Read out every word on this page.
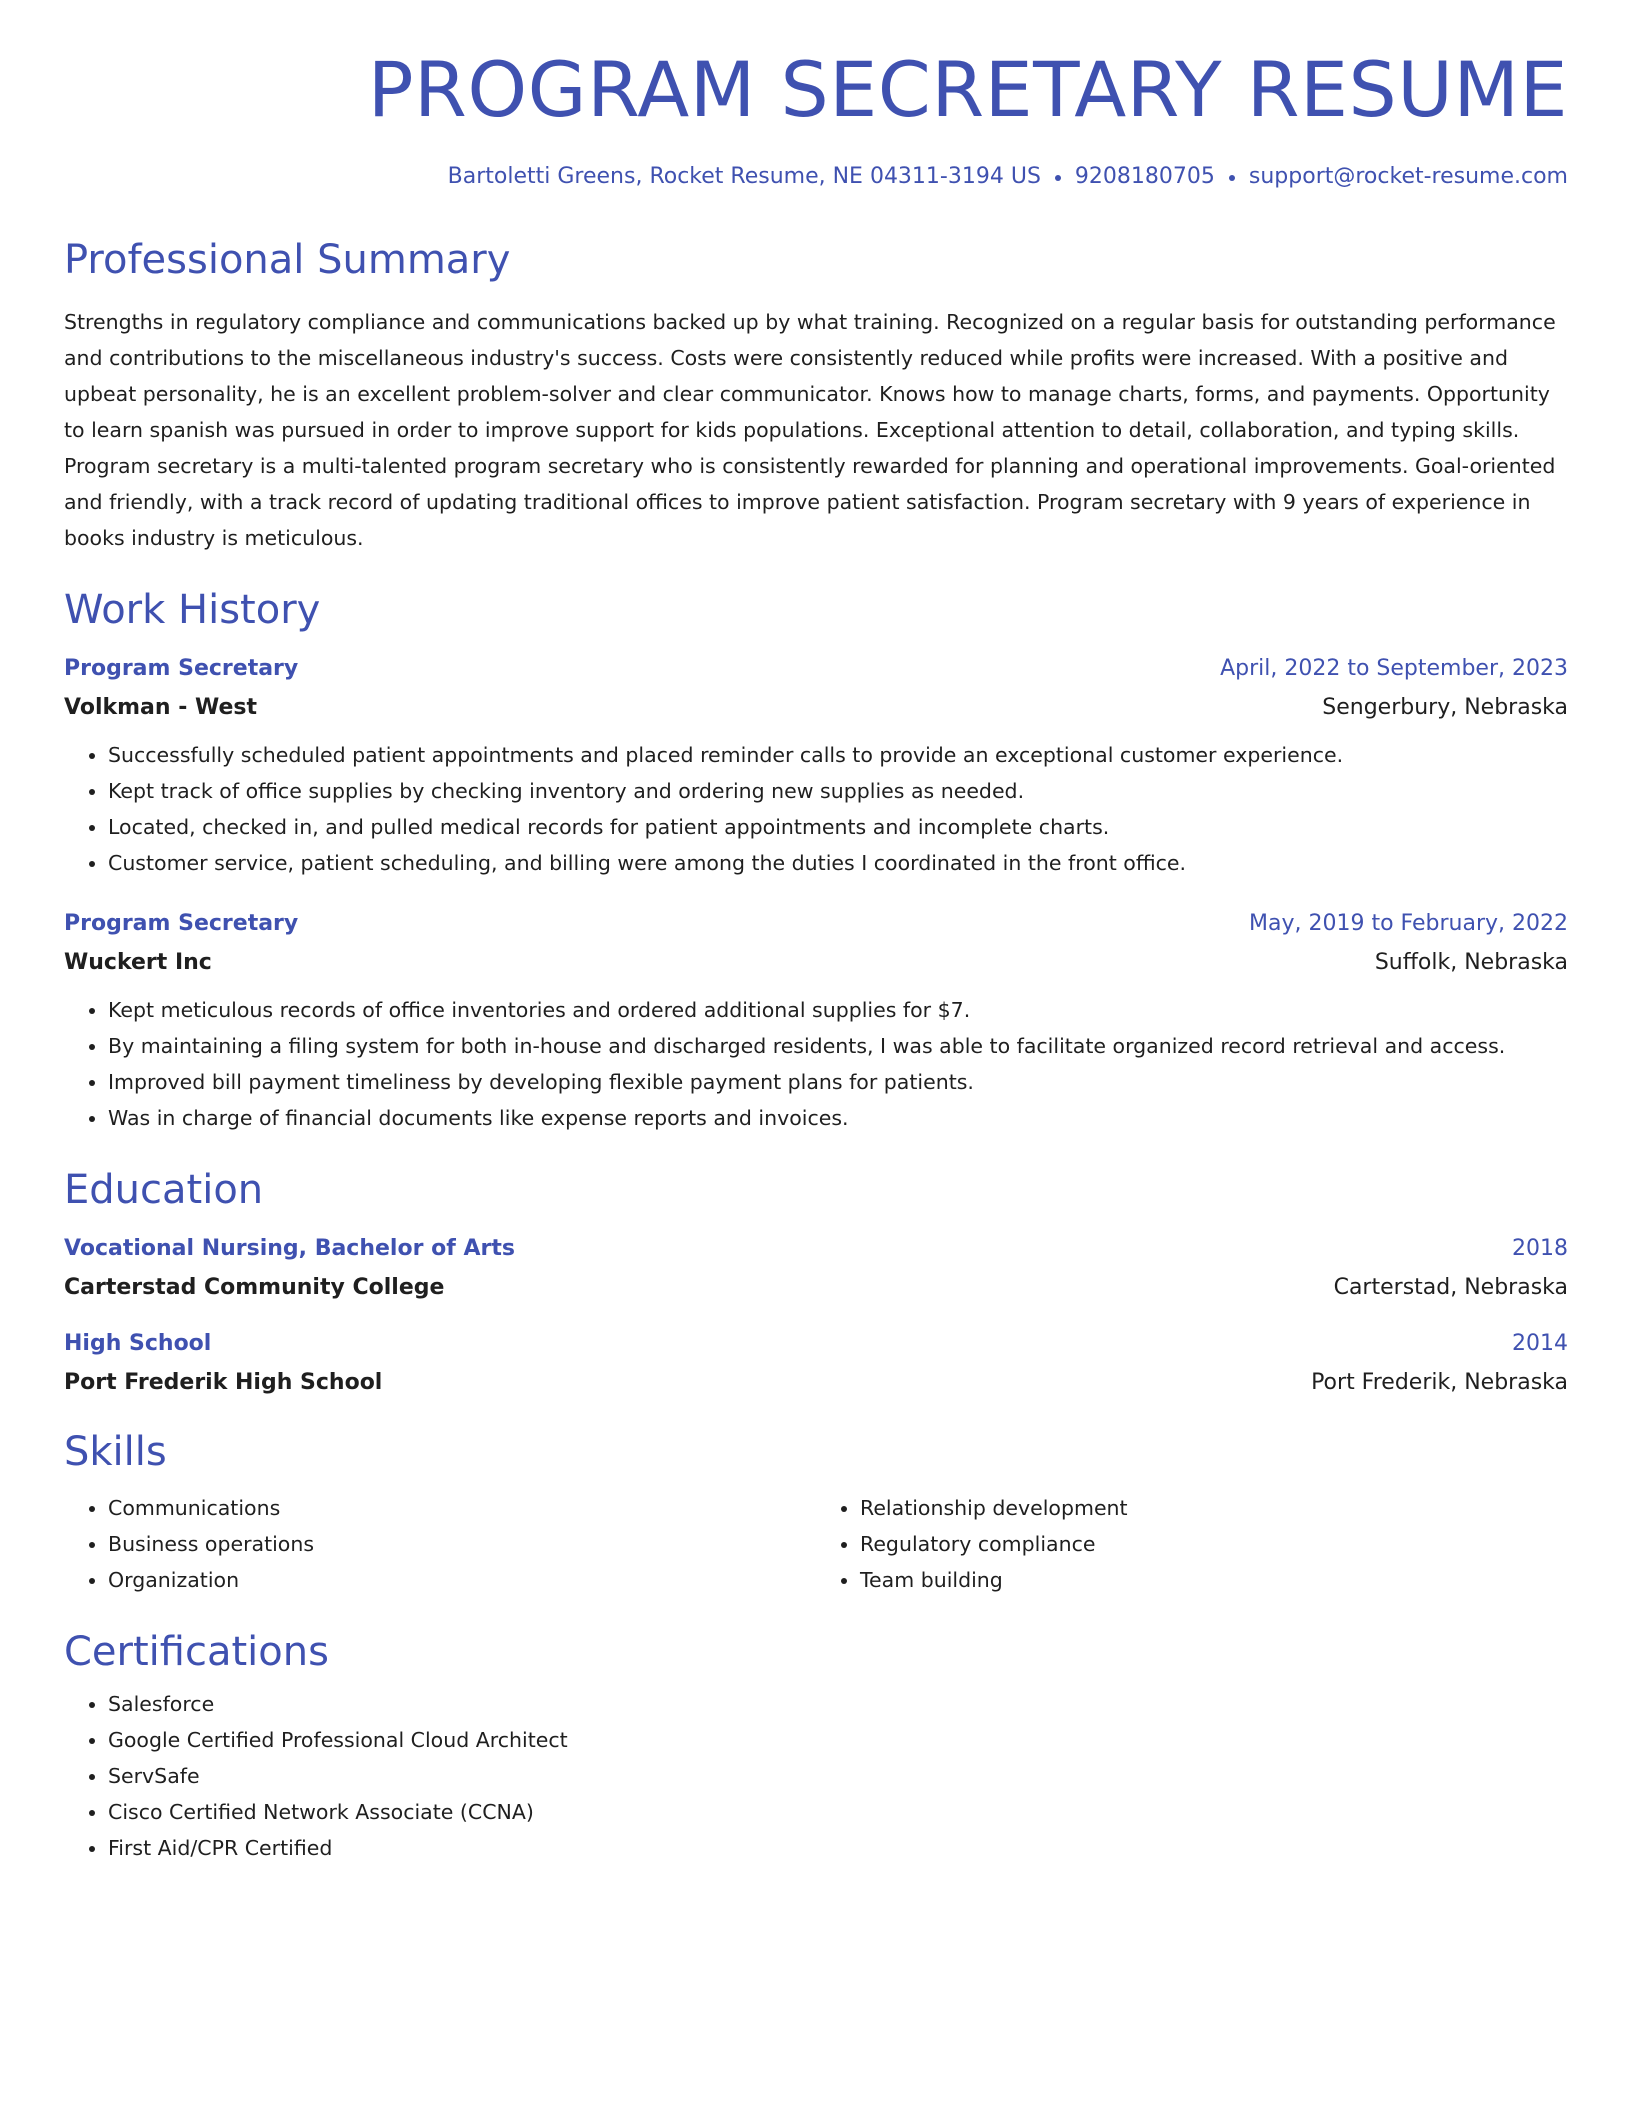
PROGRAM SECRETARY RESUME
Bartoletti Greens, Rocket Resume, NE 04311-3194 US 9208180705 support@rocket-resume.com
Professional Summary
Strengths in regulatory compliance and communications backed up by what training. Recognized on a regular basis for outstanding performance and contributions to the miscellaneous industry's success. Costs were consistently reduced while profits were increased. With a positive and upbeat personality, he is an excellent problem-solver and clear communicator. Knows how to manage charts, forms, and payments. Opportunity to learn spanish was pursued in order to improve support for kids populations. Exceptional attention to detail, collaboration, and typing skills. Program secretary is a multi-talented program secretary who is consistently rewarded for planning and operational improvements. Goal-oriented and friendly, with a track record of updating traditional offices to improve patient satisfaction. Program secretary with 9 years of experience in books industry is meticulous.
Work History
Program Secretary	April, 2022 to September, 2023
Volkman - West	Sengerbury, Nebraska
• Successfully scheduled patient appointments and placed reminder calls to provide an exceptional customer experience.
• Kept track of office supplies by checking inventory and ordering new supplies as needed.
• Located, checked in, and pulled medical records for patient appointments and incomplete charts.
• Customer service, patient scheduling, and billing were among the duties I coordinated in the front office.
Program Secretary	May, 2019 to February, 2022
Wuckert Inc	Suffolk, Nebraska
• Kept meticulous records of office inventories and ordered additional supplies for $7.
• By maintaining a filing system for both in-house and discharged residents, I was able to facilitate organized record retrieval and access.
• Improved bill payment timeliness by developing flexible payment plans for patients.
• Was in charge of financial documents like expense reports and invoices.
Education
Vocational Nursing, Bachelor of Arts	2018
Carterstad Community College	Carterstad, Nebraska
High School	2014
Port Frederik High School	Port Frederik, Nebraska
Skills
• Communications
• Business operations
• Organization
• Relationship development
• Regulatory compliance
• Team building
Certifications
• Salesforce
• Google Certified Professional Cloud Architect
• ServSafe
• Cisco Certified Network Associate (CCNA)
• First Aid/CPR Certified
